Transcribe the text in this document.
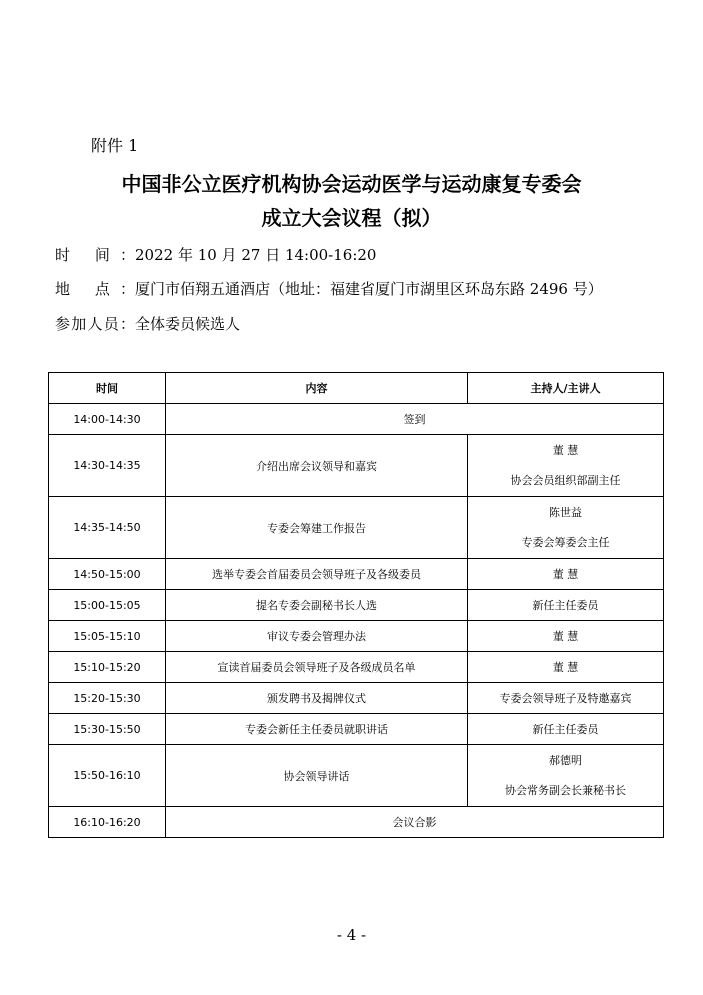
附件 1
中国非公立医疗机构协会运动医学与运动康复专委会
成立大会议程（拟）
时 间： 2022 年 10 月 27 日 14:00-16:20
地 点： 厦门市佰翔五通酒店（地址：福建省厦门市湖里区环岛东路 2496 号）
参加人员： 全体委员候选人
时间	内容	主持人/主讲人
14:00-14:30	签到	
14:30-14:35	介绍出席会议领导和嘉宾	董 慧
协会会员组织部副主任

14:35-14:50	专委会筹建工作报告	陈世益
专委会筹委会主任

14:50-15:00	选举专委会首届委员会领导班子及各级委员	董 慧
15:00-15:05	提名专委会副秘书长人选	新任主任委员
15:05-15:10	审议专委会管理办法	董 慧
15:10-15:20	宣读首届委员会领导班子及各级成员名单	董 慧
15:20-15:30	颁发聘书及揭牌仪式	专委会领导班子及特邀嘉宾
15:30-15:50	专委会新任主任委员就职讲话	新任主任委员
15:50-16:10	协会领导讲话	郝德明
协会常务副会长兼秘书长

16:10-16:20	会议合影	
- 4 -
